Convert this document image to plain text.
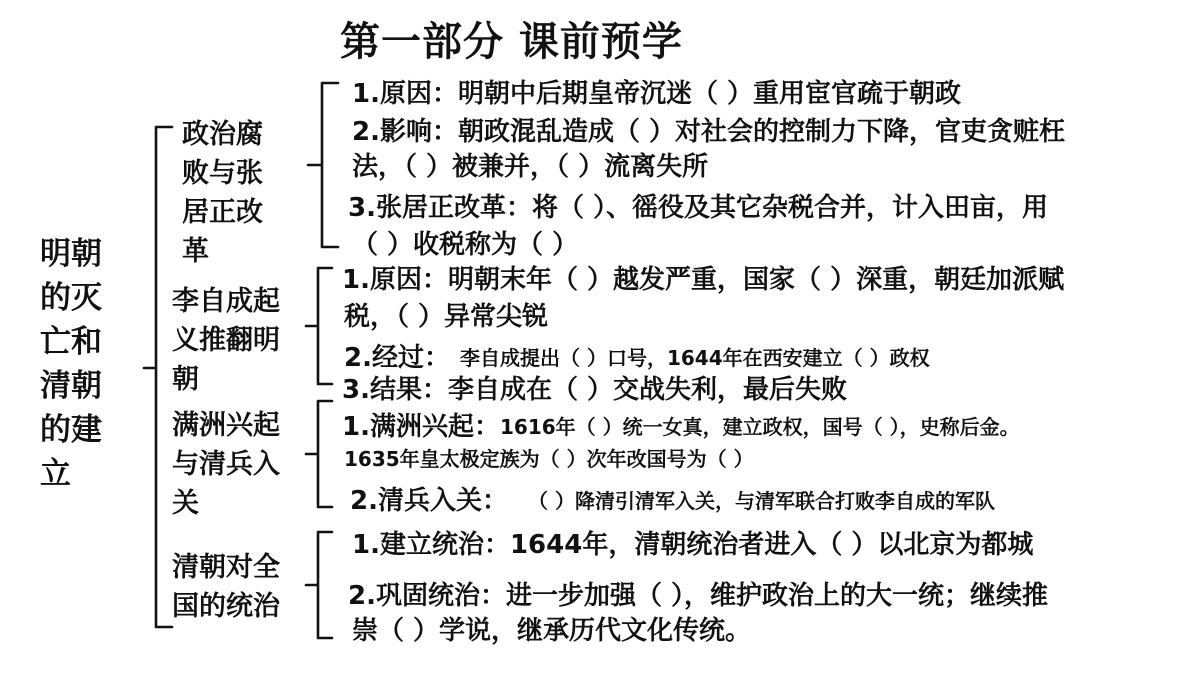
第一部分 课前预学
明朝的灭亡和清朝的建立
政治腐败与张居正改革
李自成起义推翻明朝
满洲兴起与清兵入关
清朝对全国的统治
1.原因：明朝中后期皇帝沉迷（ ）重用宦官疏于朝政
2.影响：朝政混乱造成（ ）对社会的控制力下降，官吏贪赃枉
法，（ ）被兼并，（ ）流离失所
3.张居正改革：将（ ）、徭役及其它杂税合并，计入田亩，用
（ ）收税称为（ ）
1.原因：明朝末年（ ）越发严重，国家（ ）深重，朝廷加派赋
税，（ ）异常尖锐
2.经过： 李自成提出（ ）口号，1644年在西安建立（ ）政权
3.结果：李自成在（ ）交战失利，最后失败
1.满洲兴起： 1616年（ ）统一女真，建立政权，国号（ ），史称后金。
1635年皇太极定族为（ ）次年改国号为（ ）
2.清兵入关： （ ）降清引清军入关，与清军联合打败李自成的军队
1.建立统治：1644年，清朝统治者进入（ ）以北京为都城
2.巩固统治：进一步加强（ ），维护政治上的大一统；继续推
崇（ ）学说，继承历代文化传统。
